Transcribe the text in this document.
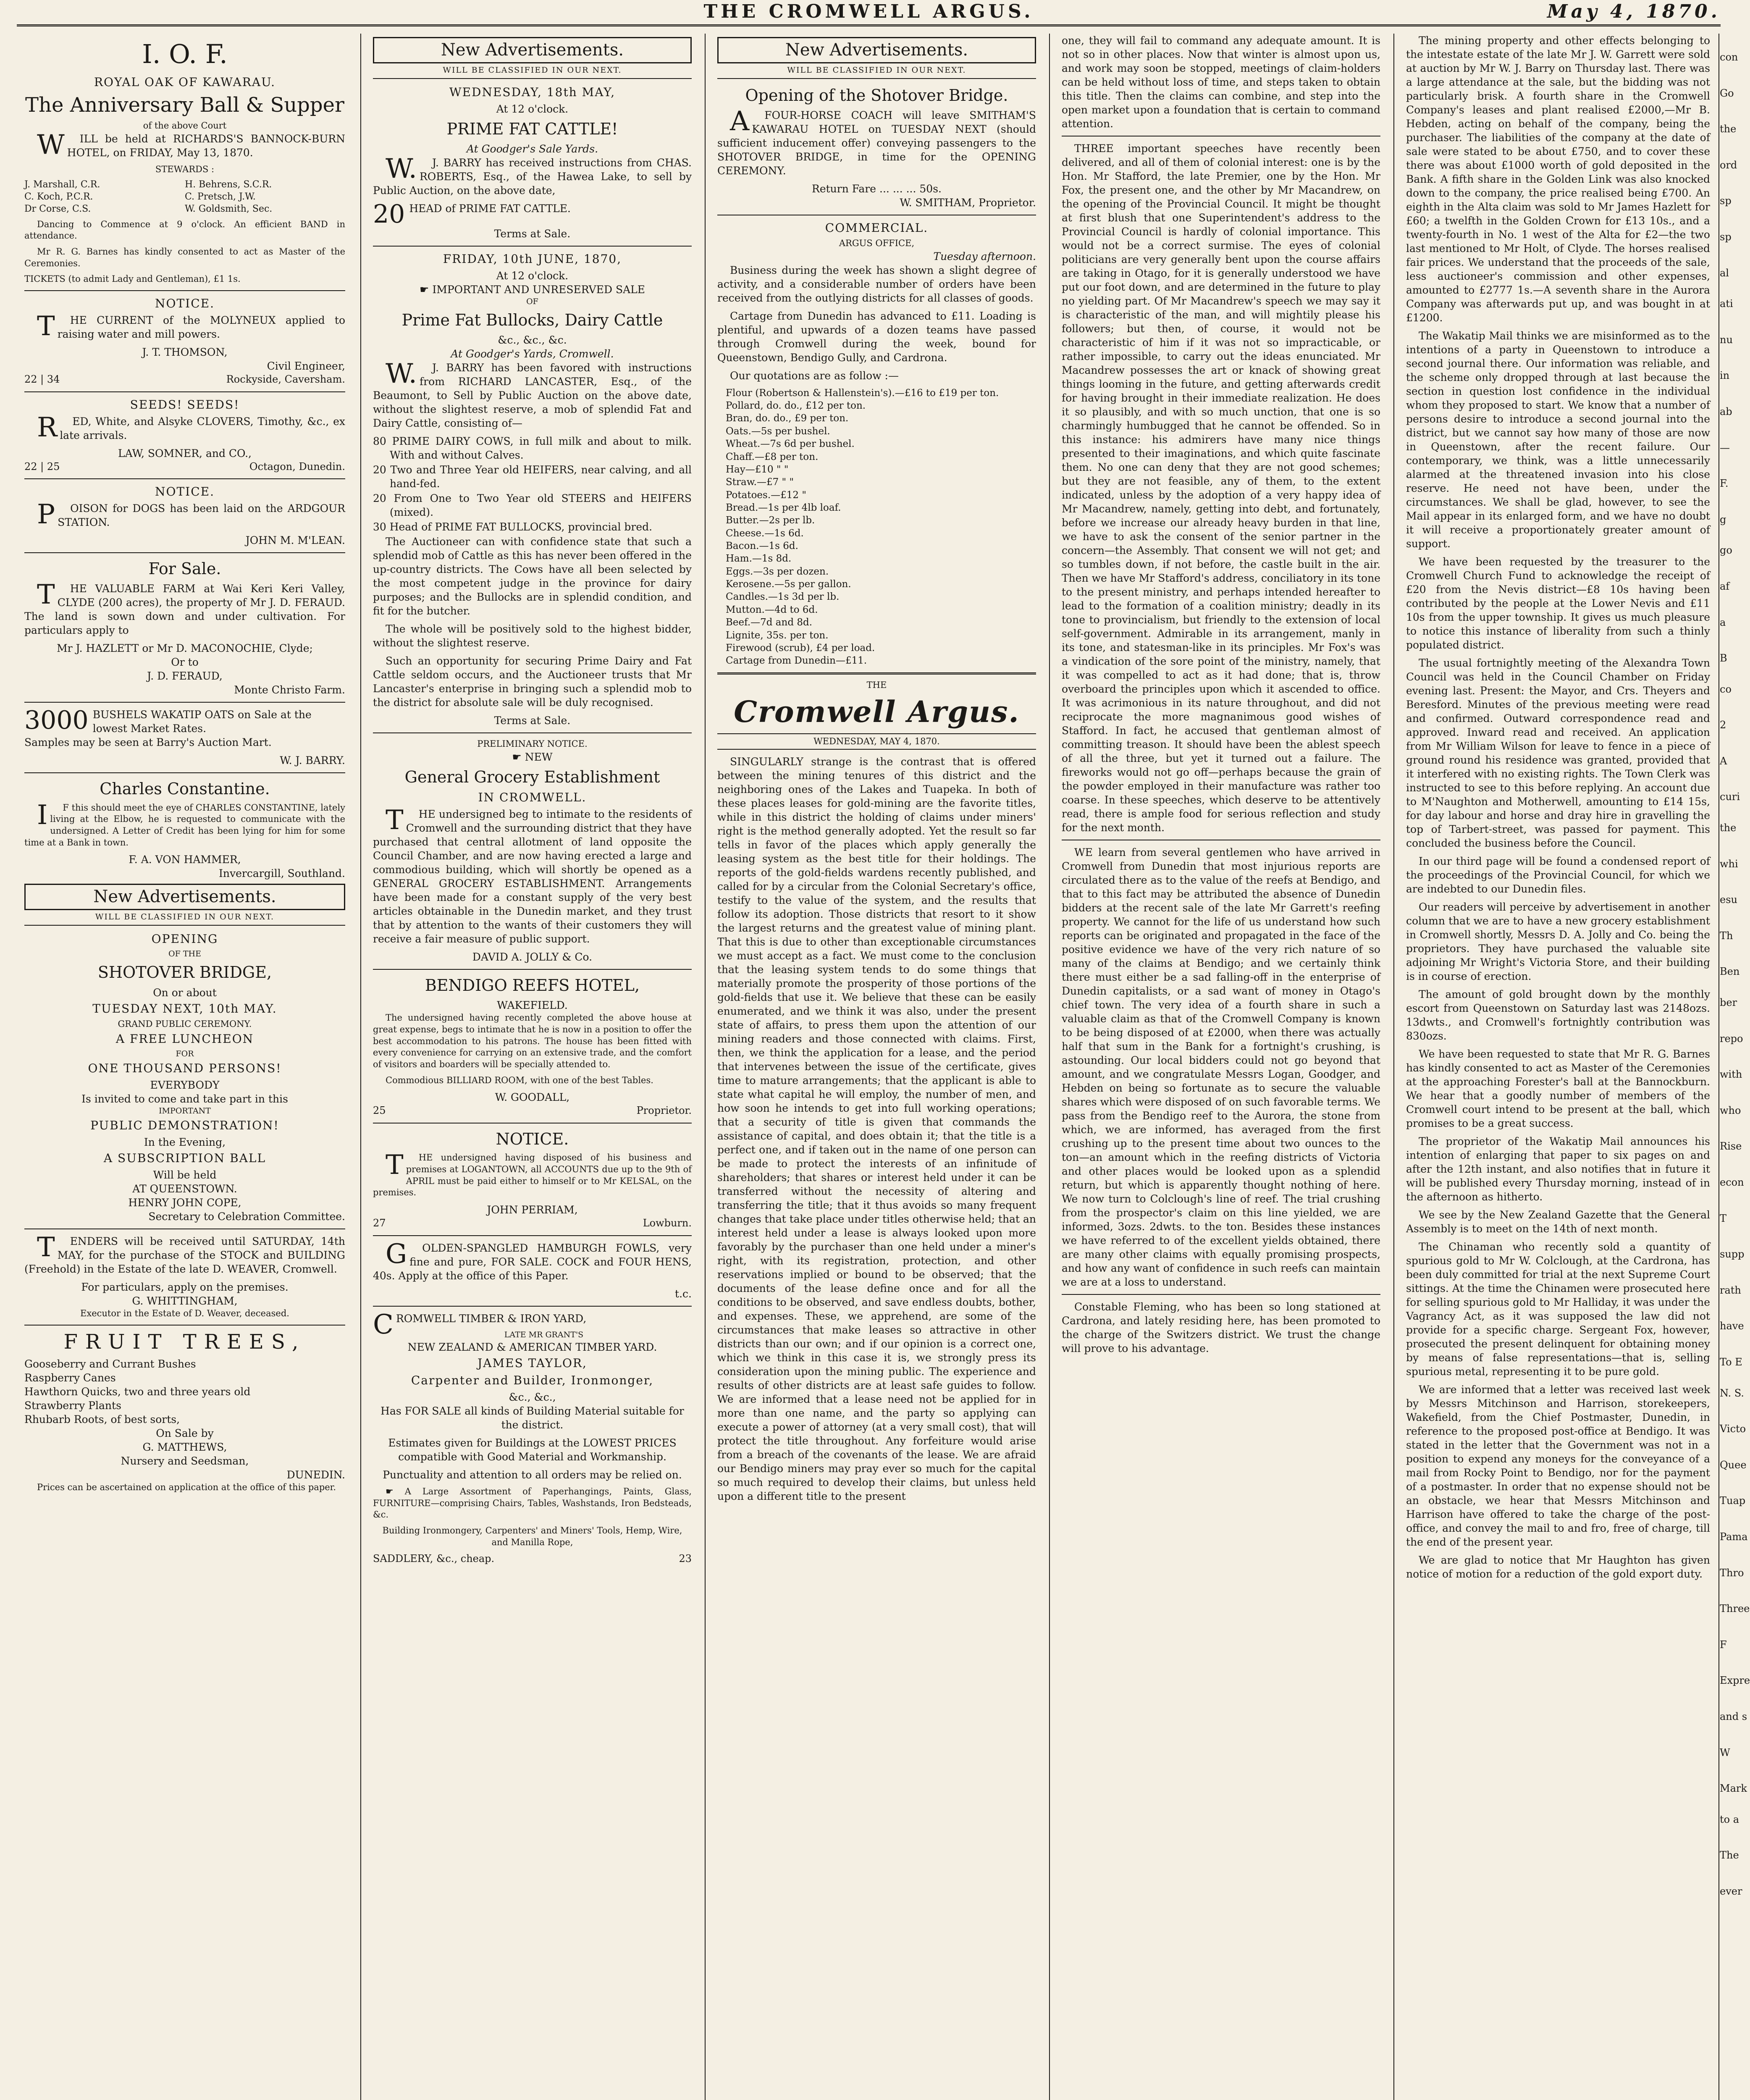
THE CROMWELL ARGUS.	May 4, 1870.
I. O. F.
ROYAL OAK OF KAWARAU.
The Anniversary Ball & Supper
of the above Court

WILL be held at RICHARDS'S BANNOCK-BURN HOTEL, on FRIDAY, May 13, 1870.

STEWARDS :
J. Marshall, C.R.	H. Behrens, S.C.R.
C. Koch, P.C.R.	C. Pretsch, J.W.
Dr Corse, C.S.	W. Goldsmith, Sec.

Dancing to Commence at 9 o'clock. An efficient BAND in attendance.

Mr R. G. Barnes has kindly consented to act as Master of the Ceremonies.

TICKETS (to admit Lady and Gentleman), £1 1s.

NOTICE.

THE CURRENT of the MOLYNEUX applied to raising water and mill powers.

J. T. THOMSON,
Civil Engineer,
22 | 34	Rockyside, Caversham.
SEEDS! SEEDS!

RED, White, and Alsyke CLOVERS, Timothy, &c., ex late arrivals.

LAW, SOMNER, and CO.,
22 | 25	Octagon, Dunedin.
NOTICE.

POISON for DOGS has been laid on the ARDGOUR STATION.

JOHN M. M'LEAN.
For Sale.

THE VALUABLE FARM at Wai Keri Keri Valley, CLYDE (200 acres), the property of Mr J. D. FERAUD. The land is sown down and under cultivation. For particulars apply to

Mr J. HAZLETT or Mr D. MACONOCHIE, Clyde;
Or to
J. D. FERAUD,
Monte Christo Farm.
3000 BUSHELS WAKATIP OATS on Sale at the lowest Market Rates.

Samples may be seen at Barry's Auction Mart.

W. J. BARRY.
Charles Constantine.

IF this should meet the eye of CHARLES CONSTANTINE, lately living at the Elbow, he is requested to communicate with the undersigned. A Letter of Credit has been lying for him for some time at a Bank in town.

F. A. VON HAMMER,
Invercargill, Southland.
New Advertisements.
WILL BE CLASSIFIED IN OUR NEXT.
OPENING
OF THE
SHOTOVER BRIDGE,
On or about
TUESDAY NEXT, 10th MAY.
GRAND PUBLIC CEREMONY.
A FREE LUNCHEON
FOR
ONE THOUSAND PERSONS!
EVERYBODY
Is invited to come and take part in this
IMPORTANT
PUBLIC DEMONSTRATION!
In the Evening,
A SUBSCRIPTION BALL
Will be held
AT QUEENSTOWN.
HENRY JOHN COPE,
Secretary to Celebration Committee.

TENDERS will be received until SATURDAY, 14th MAY, for the purchase of the STOCK and BUILDING (Freehold) in the Estate of the late D. WEAVER, Cromwell.

For particulars, apply on the premises.
G. WHITTINGHAM,
Executor in the Estate of D. Weaver, deceased.
FRUIT TREES,
Gooseberry and Currant Bushes
Raspberry Canes
Hawthorn Quicks, two and three years old
Strawberry Plants
Rhubarb Roots, of best sorts,
On Sale by
G. MATTHEWS,
Nursery and Seedsman,
DUNEDIN.

Prices can be ascertained on application at the office of this paper.

New Advertisements.
WILL BE CLASSIFIED IN OUR NEXT.
WEDNESDAY, 18th MAY,
At 12 o'clock.
PRIME FAT CATTLE!
At Goodger's Sale Yards.

W.J. BARRY has received instructions from CHAS. ROBERTS, Esq., of the Hawea Lake, to sell by Public Auction, on the above date,

20 HEAD of PRIME FAT CATTLE.
Terms at Sale.
FRIDAY, 10th JUNE, 1870,
At 12 o'clock.
☛ IMPORTANT AND UNRESERVED SALE
OF
Prime Fat Bullocks, Dairy Cattle
&c., &c., &c.
At Goodger's Yards, Cromwell.

W.J. BARRY has been favored with instructions from RICHARD LANCASTER, Esq., of the Beaumont, to Sell by Public Auction on the above date, without the slightest reserve, a mob of splendid Fat and Dairy Cattle, consisting of—

80 PRIME DAIRY COWS, in full milk and about to milk. With and without Calves.

20 Two and Three Year old HEIFERS, near calving, and all hand-fed.

20 From One to Two Year old STEERS and HEIFERS (mixed).

30 Head of PRIME FAT BULLOCKS, provincial bred.

The Auctioneer can with confidence state that such a splendid mob of Cattle as this has never been offered in the up-country districts. The Cows have all been selected by the most competent judge in the province for dairy purposes; and the Bullocks are in splendid condition, and fit for the butcher.

The whole will be positively sold to the highest bidder, without the slightest reserve.

Such an opportunity for securing Prime Dairy and Fat Cattle seldom occurs, and the Auctioneer trusts that Mr Lancaster's enterprise in bringing such a splendid mob to the district for absolute sale will be duly recognised.

Terms at Sale.
PRELIMINARY NOTICE.
☛ NEW
General Grocery Establishment
IN CROMWELL.

THE undersigned beg to intimate to the residents of Cromwell and the surrounding district that they have purchased that central allotment of land opposite the Council Chamber, and are now having erected a large and commodious building, which will shortly be opened as a GENERAL GROCERY ESTABLISHMENT. Arrangements have been made for a constant supply of the very best articles obtainable in the Dunedin market, and they trust that by attention to the wants of their customers they will receive a fair measure of public support.

DAVID A. JOLLY & Co.
BENDIGO REEFS HOTEL,
WAKEFIELD.

The undersigned having recently completed the above house at great expense, begs to intimate that he is now in a position to offer the best accommodation to his patrons. The house has been fitted with every convenience for carrying on an extensive trade, and the comfort of visitors and boarders will be specially attended to.

Commodious BILLIARD ROOM, with one of the best Tables.

W. GOODALL,
25	Proprietor.
NOTICE.

THE undersigned having disposed of his business and premises at LOGANTOWN, all ACCOUNTS due up to the 9th of APRIL must be paid either to himself or to Mr KELSAL, on the premises.

JOHN PERRIAM,
27	Lowburn.

GOLDEN-SPANGLED HAMBURGH FOWLS, very fine and pure, FOR SALE. COCK and FOUR HENS, 40s. Apply at the office of this Paper.

t.c.

CROMWELL TIMBER & IRON YARD,

LATE MR GRANT'S
NEW ZEALAND & AMERICAN TIMBER YARD.
JAMES TAYLOR,
Carpenter and Builder, Ironmonger,
&c., &c.,

Has FOR SALE all kinds of Building Material suitable for the district.

Estimates given for Buildings at the LOWEST PRICES compatible with Good Material and Workmanship.

Punctuality and attention to all orders may be relied on.

☛ A Large Assortment of Paperhangings, Paints, Glass, FURNITURE—comprising Chairs, Tables, Washstands, Iron Bedsteads, &c.

Building Ironmongery, Carpenters' and Miners' Tools, Hemp, Wire, and Manilla Rope,

SADDLERY, &c., cheap.	23
New Advertisements.
WILL BE CLASSIFIED IN OUR NEXT.
Opening of the Shotover Bridge.

AFOUR-HORSE COACH will leave SMITHAM'S KAWARAU HOTEL on TUESDAY NEXT (should sufficient inducement offer) conveying passengers to the SHOTOVER BRIDGE, in time for the OPENING CEREMONY.

Return Fare ... ... ... 50s.
W. SMITHAM, Proprietor.
COMMERCIAL.
ARGUS OFFICE,
Tuesday afternoon.

Business during the week has shown a slight degree of activity, and a considerable number of orders have been received from the outlying districts for all classes of goods.

Cartage from Dunedin has advanced to £11. Loading is plentiful, and upwards of a dozen teams have passed through Cromwell during the week, bound for Queenstown, Bendigo Gully, and Cardrona.

Our quotations are as follow :—

Flour (Robertson & Hallenstein's).—£16 to £19 per ton.
Pollard, do. do., £12 per ton.
Bran, do. do., £9 per ton.
Oats.—5s per bushel.
Wheat.—7s 6d per bushel.
Chaff.—£8 per ton.
Hay—£10 " "
Straw.—£7 " "
Potatoes.—£12 "
Bread.—1s per 4lb loaf.
Butter.—2s per lb.
Cheese.—1s 6d.
Bacon.—1s 6d.
Ham.—1s 8d.
Eggs.—3s per dozen.
Kerosene.—5s per gallon.
Candles.—1s 3d per lb.
Mutton.—4d to 6d.
Beef.—7d and 8d.
Lignite, 35s. per ton.
Firewood (scrub), £4 per load.
Cartage from Dunedin—£11.
THE
Cromwell Argus.
WEDNESDAY, MAY 4, 1870.

SINGULARLY strange is the contrast that is offered between the mining tenures of this district and the neighboring ones of the Lakes and Tuapeka. In both of these places leases for gold-mining are the favorite titles, while in this district the holding of claims under miners' right is the method generally adopted. Yet the result so far tells in favor of the places which apply generally the leasing system as the best title for their holdings. The reports of the gold-fields wardens recently published, and called for by a circular from the Colonial Secretary's office, testify to the value of the system, and the results that follow its adoption. Those districts that resort to it show the largest returns and the greatest value of mining plant. That this is due to other than exceptionable circumstances we must accept as a fact. We must come to the conclusion that the leasing system tends to do some things that materially promote the prosperity of those portions of the gold-fields that use it. We believe that these can be easily enumerated, and we think it was also, under the present state of affairs, to press them upon the attention of our mining readers and those connected with claims. First, then, we think the application for a lease, and the period that intervenes between the issue of the certificate, gives time to mature arrangements; that the applicant is able to state what capital he will employ, the number of men, and how soon he intends to get into full working operations; that a security of title is given that commands the assistance of capital, and does obtain it; that the title is a perfect one, and if taken out in the name of one person can be made to protect the interests of an infinitude of shareholders; that shares or interest held under it can be transferred without the necessity of altering and transferring the title; that it thus avoids so many frequent changes that take place under titles otherwise held; that an interest held under a lease is always looked upon more favorably by the purchaser than one held under a miner's right, with its registration, protection, and other reservations implied or bound to be observed; that the documents of the lease define once and for all the conditions to be observed, and save endless doubts, bother, and expenses. These, we apprehend, are some of the circumstances that make leases so attractive in other districts than our own; and if our opinion is a correct one, which we think in this case it is, we strongly press its consideration upon the mining public. The experience and results of other districts are at least safe guides to follow. We are informed that a lease need not be applied for in more than one name, and the party so applying can execute a power of attorney (at a very small cost), that will protect the title throughout. Any forfeiture would arise from a breach of the covenants of the lease. We are afraid our Bendigo miners may pray ever so much for the capital so much required to develop their claims, but unless held upon a different title to the present

one, they will fail to command any adequate amount. It is not so in other places. Now that winter is almost upon us, and work may soon be stopped, meetings of claim-holders can be held without loss of time, and steps taken to obtain this title. Then the claims can combine, and step into the open market upon a foundation that is certain to command attention.

THREE important speeches have recently been delivered, and all of them of colonial interest: one is by the Hon. Mr Stafford, the late Premier, one by the Hon. Mr Fox, the present one, and the other by Mr Macandrew, on the opening of the Provincial Council. It might be thought at first blush that one Superintendent's address to the Provincial Council is hardly of colonial importance. This would not be a correct surmise. The eyes of colonial politicians are very generally bent upon the course affairs are taking in Otago, for it is generally understood we have put our foot down, and are determined in the future to play no yielding part. Of Mr Macandrew's speech we may say it is characteristic of the man, and will mightily please his followers; but then, of course, it would not be characteristic of him if it was not so impracticable, or rather impossible, to carry out the ideas enunciated. Mr Macandrew possesses the art or knack of showing great things looming in the future, and getting afterwards credit for having brought in their immediate realization. He does it so plausibly, and with so much unction, that one is so charmingly humbugged that he cannot be offended. So in this instance: his admirers have many nice things presented to their imaginations, and which quite fascinate them. No one can deny that they are not good schemes; but they are not feasible, any of them, to the extent indicated, unless by the adoption of a very happy idea of Mr Macandrew, namely, getting into debt, and fortunately, before we increase our already heavy burden in that line, we have to ask the consent of the senior partner in the concern—the Assembly. That consent we will not get; and so tumbles down, if not before, the castle built in the air. Then we have Mr Stafford's address, conciliatory in its tone to the present ministry, and perhaps intended hereafter to lead to the formation of a coalition ministry; deadly in its tone to provincialism, but friendly to the extension of local self-government. Admirable in its arrangement, manly in its tone, and statesman-like in its principles. Mr Fox's was a vindication of the sore point of the ministry, namely, that it was compelled to act as it had done; that is, throw overboard the principles upon which it ascended to office. It was acrimonious in its nature throughout, and did not reciprocate the more magnanimous good wishes of Stafford. In fact, he accused that gentleman almost of committing treason. It should have been the ablest speech of all the three, but yet it turned out a failure. The fireworks would not go off—perhaps because the grain of the powder employed in their manufacture was rather too coarse. In these speeches, which deserve to be attentively read, there is ample food for serious reflection and study for the next month.

WE learn from several gentlemen who have arrived in Cromwell from Dunedin that most injurious reports are circulated there as to the value of the reefs at Bendigo, and that to this fact may be attributed the absence of Dunedin bidders at the recent sale of the late Mr Garrett's reefing property. We cannot for the life of us understand how such reports can be originated and propagated in the face of the positive evidence we have of the very rich nature of so many of the claims at Bendigo; and we certainly think there must either be a sad falling-off in the enterprise of Dunedin capitalists, or a sad want of money in Otago's chief town. The very idea of a fourth share in such a valuable claim as that of the Cromwell Company is known to be being disposed of at £2000, when there was actually half that sum in the Bank for a fortnight's crushing, is astounding. Our local bidders could not go beyond that amount, and we congratulate Messrs Logan, Goodger, and Hebden on being so fortunate as to secure the valuable shares which were disposed of on such favorable terms. We pass from the Bendigo reef to the Aurora, the stone from which, we are informed, has averaged from the first crushing up to the present time about two ounces to the ton—an amount which in the reefing districts of Victoria and other places would be looked upon as a splendid return, but which is apparently thought nothing of here. We now turn to Colclough's line of reef. The trial crushing from the prospector's claim on this line yielded, we are informed, 3ozs. 2dwts. to the ton. Besides these instances we have referred to of the excellent yields obtained, there are many other claims with equally promising prospects, and how any want of confidence in such reefs can maintain we are at a loss to understand.

Constable Fleming, who has been so long stationed at Cardrona, and lately residing here, has been promoted to the charge of the Switzers district. We trust the change will prove to his advantage.

The mining property and other effects belonging to the intestate estate of the late Mr J. W. Garrett were sold at auction by Mr W. J. Barry on Thursday last. There was a large attendance at the sale, but the bidding was not particularly brisk. A fourth share in the Cromwell Company's leases and plant realised £2000,—Mr B. Hebden, acting on behalf of the company, being the purchaser. The liabilities of the company at the date of sale were stated to be about £750, and to cover these there was about £1000 worth of gold deposited in the Bank. A fifth share in the Golden Link was also knocked down to the company, the price realised being £700. An eighth in the Alta claim was sold to Mr James Hazlett for £60; a twelfth in the Golden Crown for £13 10s., and a twenty-fourth in No. 1 west of the Alta for £2—the two last mentioned to Mr Holt, of Clyde. The horses realised fair prices. We understand that the proceeds of the sale, less auctioneer's commission and other expenses, amounted to £2777 1s.—A seventh share in the Aurora Company was afterwards put up, and was bought in at £1200.

The Wakatip Mail thinks we are misinformed as to the intentions of a party in Queenstown to introduce a second journal there. Our information was reliable, and the scheme only dropped through at last because the section in question lost confidence in the individual whom they proposed to start. We know that a number of persons desire to introduce a second journal into the district, but we cannot say how many of those are now in Queenstown, after the recent failure. Our contemporary, we think, was a little unnecessarily alarmed at the threatened invasion into his close reserve. He need not have been, under the circumstances. We shall be glad, however, to see the Mail appear in its enlarged form, and we have no doubt it will receive a proportionately greater amount of support.

We have been requested by the treasurer to the Cromwell Church Fund to acknowledge the receipt of £20 from the Nevis district—£8 10s having been contributed by the people at the Lower Nevis and £11 10s from the upper township. It gives us much pleasure to notice this instance of liberality from such a thinly populated district.

The usual fortnightly meeting of the Alexandra Town Council was held in the Council Chamber on Friday evening last. Present: the Mayor, and Crs. Theyers and Beresford. Minutes of the previous meeting were read and confirmed. Outward correspondence read and approved. Inward read and received. An application from Mr William Wilson for leave to fence in a piece of ground round his residence was granted, provided that it interfered with no existing rights. The Town Clerk was instructed to see to this before replying. An account due to M'Naughton and Motherwell, amounting to £14 15s, for day labour and horse and dray hire in gravelling the top of Tarbert-street, was passed for payment. This concluded the business before the Council.

In our third page will be found a condensed report of the proceedings of the Provincial Council, for which we are indebted to our Dunedin files.

Our readers will perceive by advertisement in another column that we are to have a new grocery establishment in Cromwell shortly, Messrs D. A. Jolly and Co. being the proprietors. They have purchased the valuable site adjoining Mr Wright's Victoria Store, and their building is in course of erection.

The amount of gold brought down by the monthly escort from Queenstown on Saturday last was 2148ozs. 13dwts., and Cromwell's fortnightly contribution was 830ozs.

We have been requested to state that Mr R. G. Barnes has kindly consented to act as Master of the Ceremonies at the approaching Forester's ball at the Bannockburn. We hear that a goodly number of members of the Cromwell court intend to be present at the ball, which promises to be a great success.

The proprietor of the Wakatip Mail announces his intention of enlarging that paper to six pages on and after the 12th instant, and also notifies that in future it will be published every Thursday morning, instead of in the afternoon as hitherto.

We see by the New Zealand Gazette that the General Assembly is to meet on the 14th of next month.

The Chinaman who recently sold a quantity of spurious gold to Mr W. Colclough, at the Cardrona, has been duly committed for trial at the next Supreme Court sittings. At the time the Chinamen were prosecuted here for selling spurious gold to Mr Halliday, it was under the Vagrancy Act, as it was supposed the law did not provide for a specific charge. Sergeant Fox, however, prosecuted the present delinquent for obtaining money by means of false representations—that is, selling spurious metal, representing it to be pure gold.

We are informed that a letter was received last week by Messrs Mitchinson and Harrison, storekeepers, Wakefield, from the Chief Postmaster, Dunedin, in reference to the proposed post-office at Bendigo. It was stated in the letter that the Government was not in a position to expend any moneys for the conveyance of a mail from Rocky Point to Bendigo, nor for the payment of a postmaster. In order that no expense should not be an obstacle, we hear that Messrs Mitchinson and Harrison have offered to take the charge of the post-office, and convey the mail to and fro, free of charge, till the end of the present year.

We are glad to notice that Mr Haughton has given notice of motion for a reduction of the gold export duty.

con
Go
the
ord
sp
sp
al
ati
nu
in
ab
—
F.
g
go
af
a
B
co
2
A
curi
the
whi
esu
Th
Ben
ber
repo
with
who
Rise
econ
T
supp
rath
have
To E
N. S.
Victo
Quee
Tuap
Pama
Thro
Three
F
Expre
and s
W
Mark
to a
The
ever
